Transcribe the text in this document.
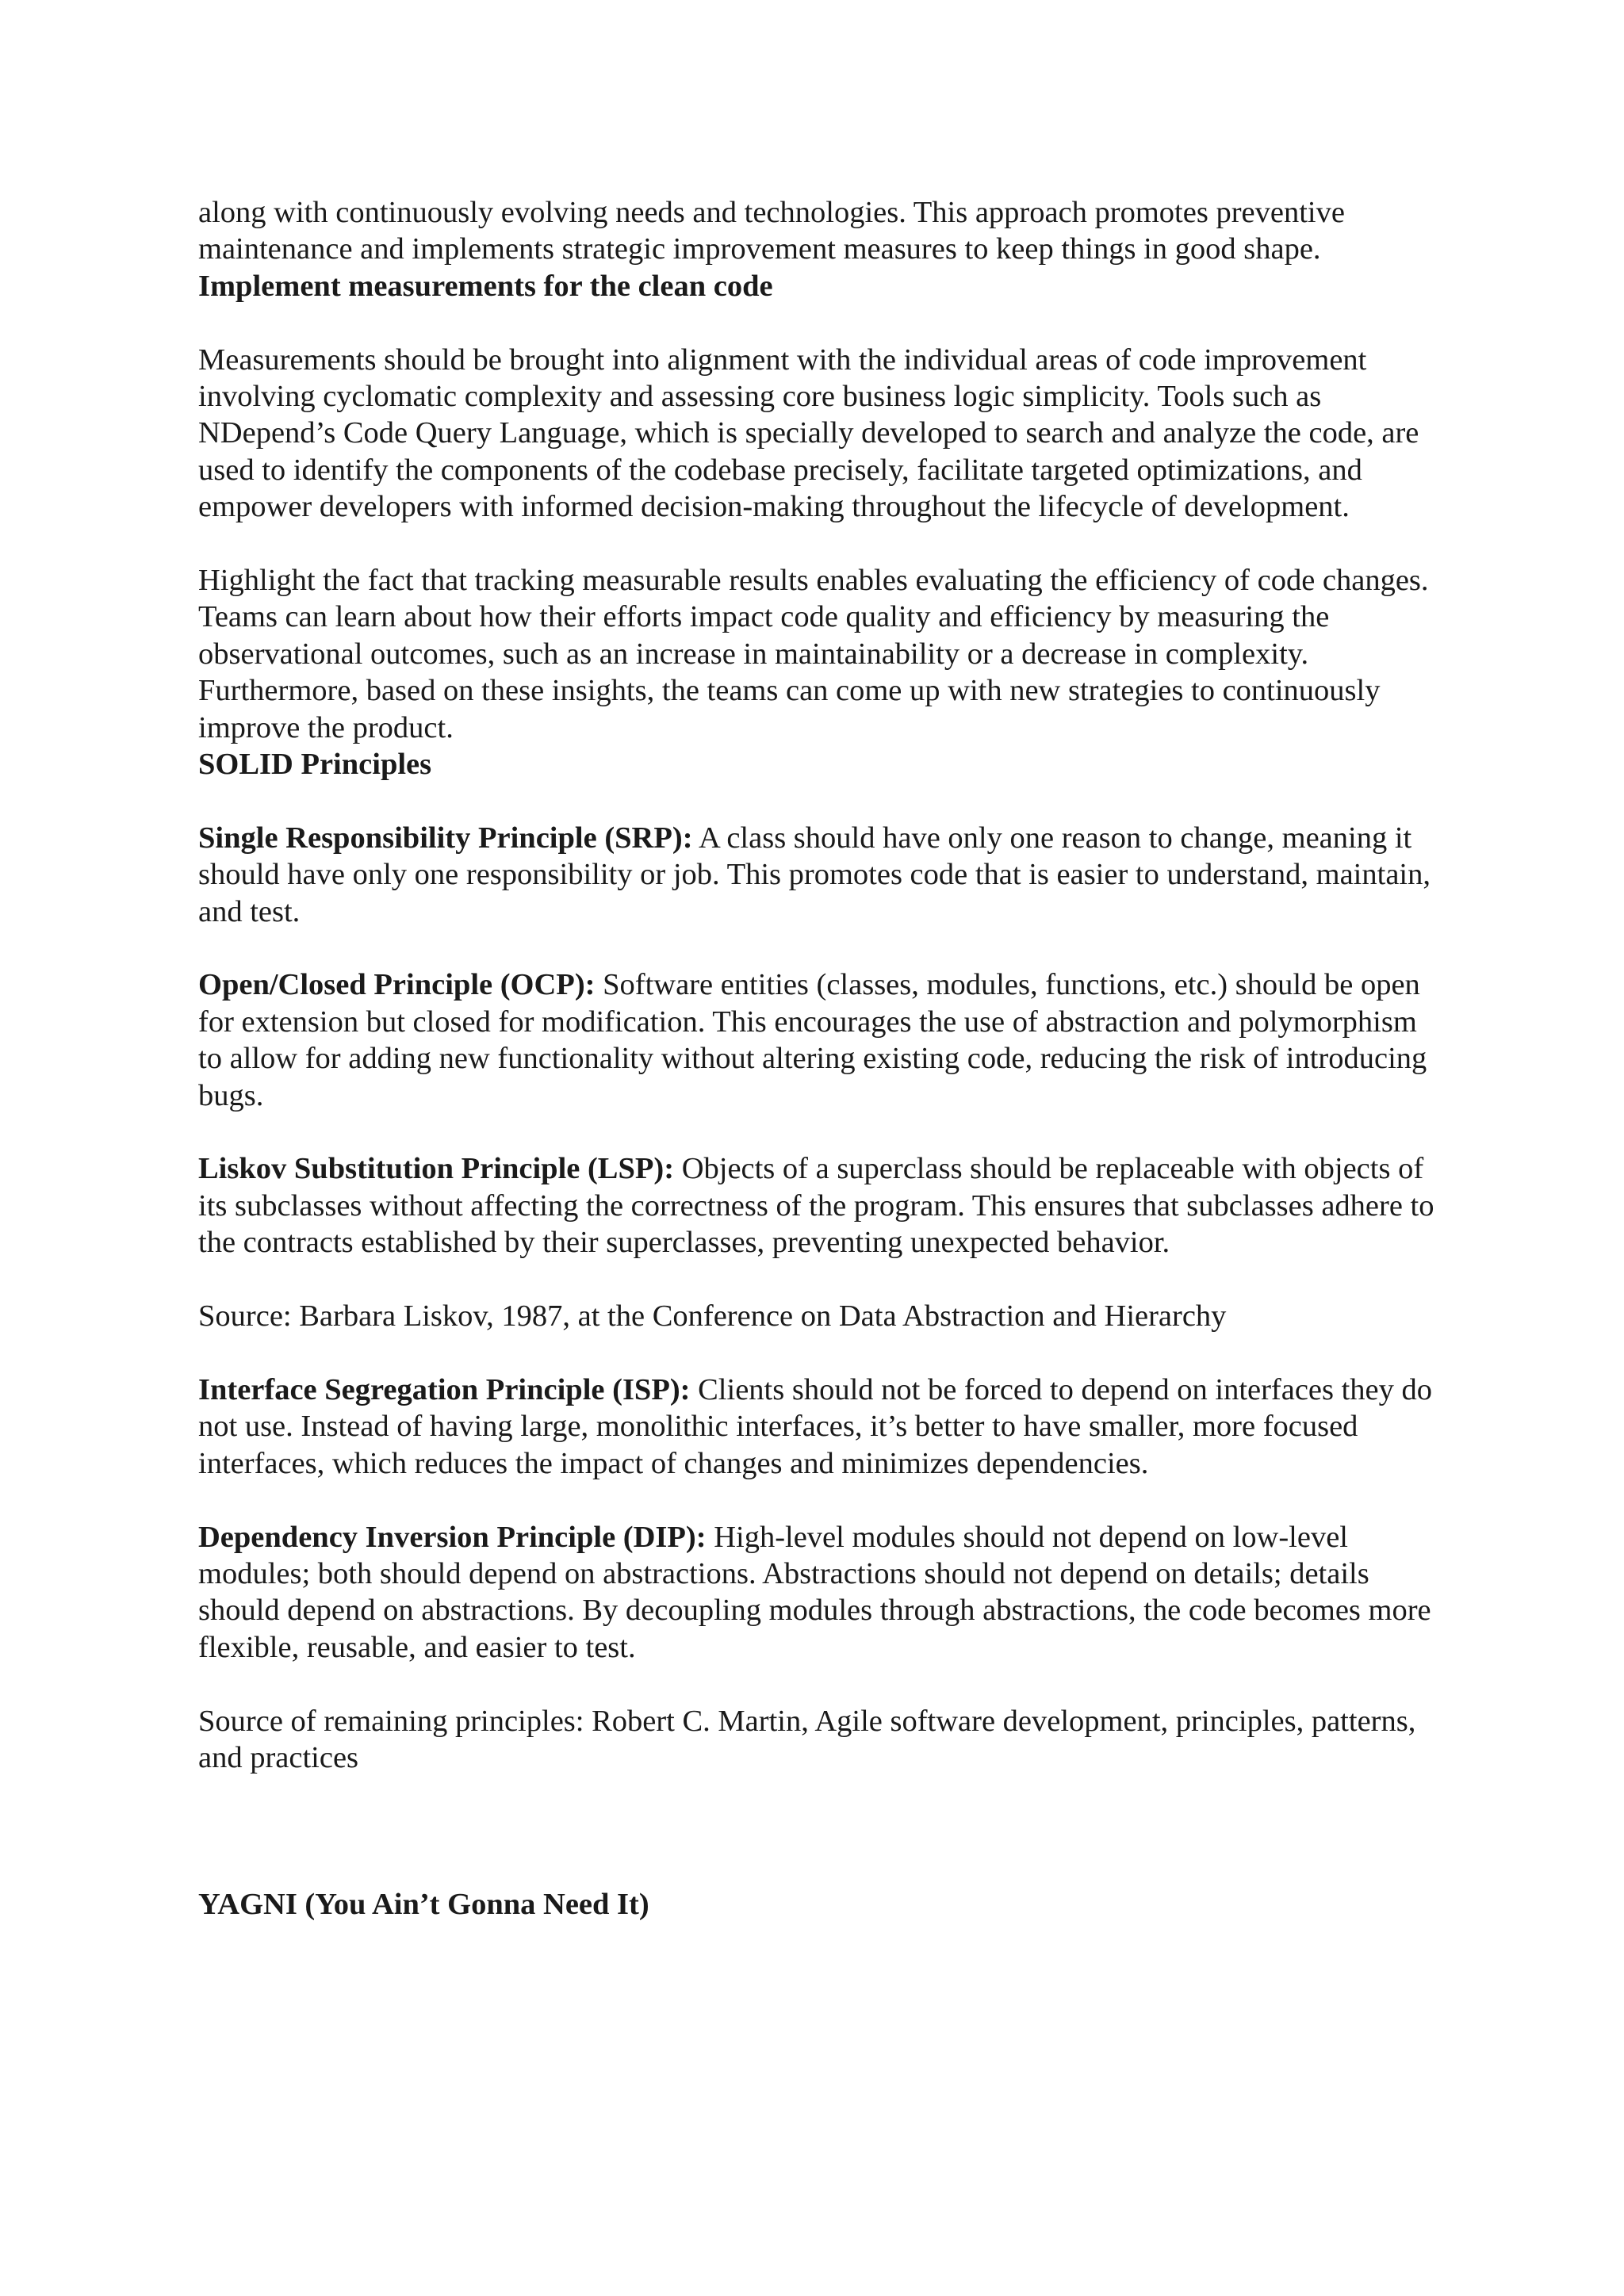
along with continuously evolving needs and technologies. This approach promotes preventive maintenance and implements strategic improvement measures to keep things in good shape.

Implement measurements for the clean code

Measurements should be brought into alignment with the individual areas of code improvement involving cyclomatic complexity and assessing core business logic simplicity. Tools such as NDepend’s Code Query Language, which is specially developed to search and analyze the code, are used to identify the components of the codebase precisely, facilitate targeted optimizations, and empower developers with informed decision-making throughout the lifecycle of development.

Highlight the fact that tracking measurable results enables evaluating the efficiency of code changes. Teams can learn about how their efforts impact code quality and efficiency by measuring the observational outcomes, such as an increase in maintainability or a decrease in complexity. Furthermore, based on these insights, the teams can come up with new strategies to continuously improve the product.

SOLID Principles

Single Responsibility Principle (SRP): A class should have only one reason to change, meaning it should have only one responsibility or job. This promotes code that is easier to understand, maintain, and test.

Open/Closed Principle (OCP): Software entities (classes, modules, functions, etc.) should be open for extension but closed for modification. This encourages the use of abstraction and polymorphism to allow for adding new functionality without altering existing code, reducing the risk of introducing bugs.

Liskov Substitution Principle (LSP): Objects of a superclass should be replaceable with objects of its subclasses without affecting the correctness of the program. This ensures that subclasses adhere to the contracts established by their superclasses, preventing unexpected behavior.

Source: Barbara Liskov, 1987, at the Conference on Data Abstraction and Hierarchy

Interface Segregation Principle (ISP): Clients should not be forced to depend on interfaces they do not use. Instead of having large, monolithic interfaces, it’s better to have smaller, more focused interfaces, which reduces the impact of changes and minimizes dependencies.

Dependency Inversion Principle (DIP): High-level modules should not depend on low-level modules; both should depend on abstractions. Abstractions should not depend on details; details should depend on abstractions. By decoupling modules through abstractions, the code becomes more flexible, reusable, and easier to test.

Source of remaining principles: Robert C. Martin, Agile software development, principles, patterns, and practices

YAGNI (You Ain’t Gonna Need It)
